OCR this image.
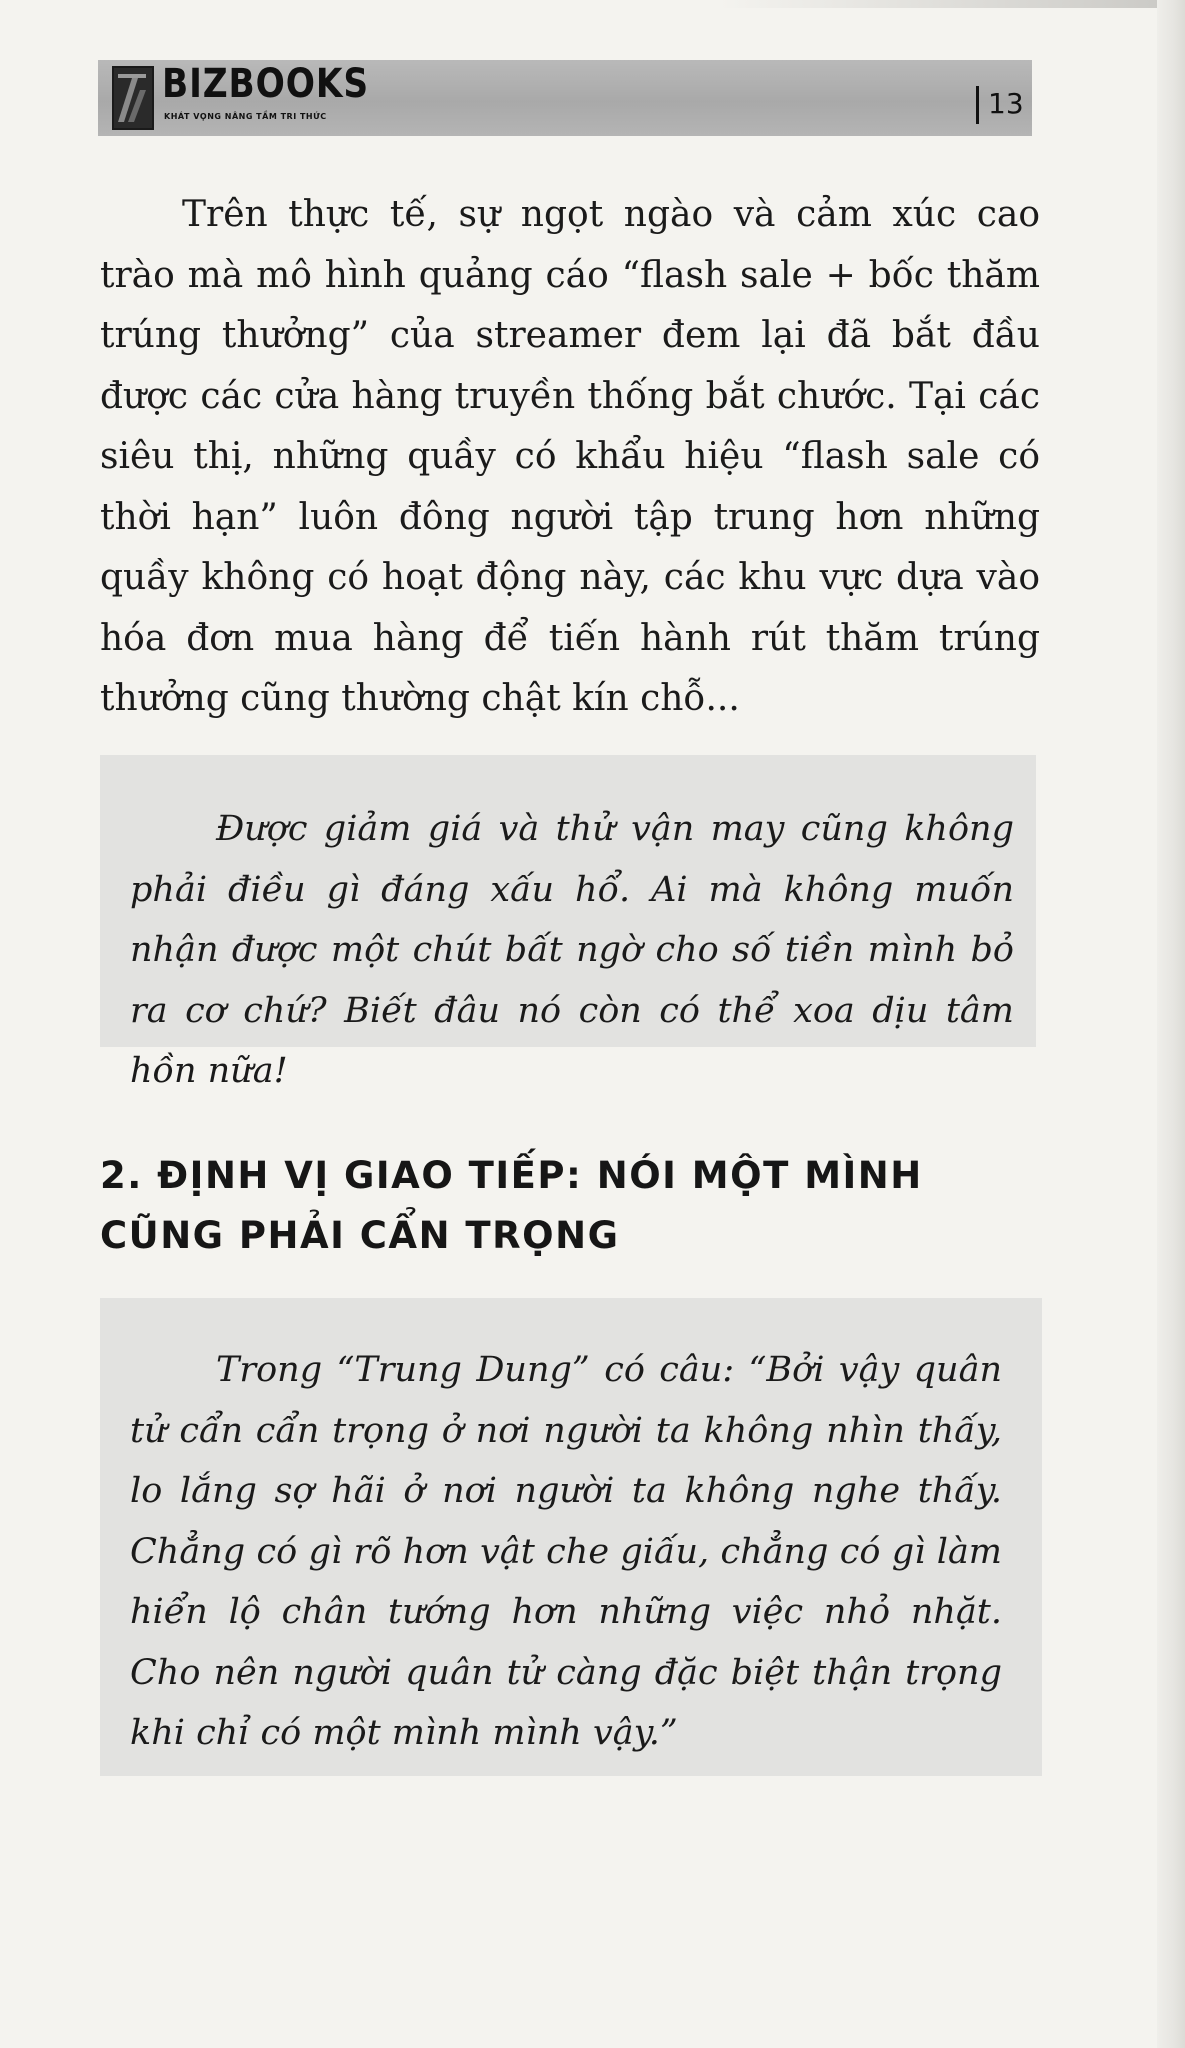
BIZBOOKS
KHÁT VỌNG NÂNG TẦM TRI THỨC	13

Trên thực tế, sự ngọt ngào và cảm xúc cao trào mà mô hình quảng cáo “flash sale + bốc thăm trúng thưởng” của streamer đem lại đã bắt đầu được các cửa hàng truyền thống bắt chước. Tại các siêu thị, những quầy có khẩu hiệu “flash sale có thời hạn” luôn đông người tập trung hơn những quầy không có hoạt động này, các khu vực dựa vào hóa đơn mua hàng để tiến hành rút thăm trúng thưởng cũng thường chật kín chỗ...

Được giảm giá và thử vận may cũng không phải điều gì đáng xấu hổ. Ai mà không muốn nhận được một chút bất ngờ cho số tiền mình bỏ ra cơ chứ? Biết đâu nó còn có thể xoa dịu tâm hồn nữa!

2. ĐỊNH VỊ GIAO TIẾP: NÓI MỘT MÌNH CŨNG PHẢI CẨN TRỌNG

Trong “Trung Dung” có câu: “Bởi vậy quân tử cẩn cẩn trọng ở nơi người ta không nhìn thấy, lo lắng sợ hãi ở nơi người ta không nghe thấy. Chẳng có gì rõ hơn vật che giấu, chẳng có gì làm hiển lộ chân tướng hơn những việc nhỏ nhặt. Cho nên người quân tử càng đặc biệt thận trọng khi chỉ có một mình mình vậy.”
